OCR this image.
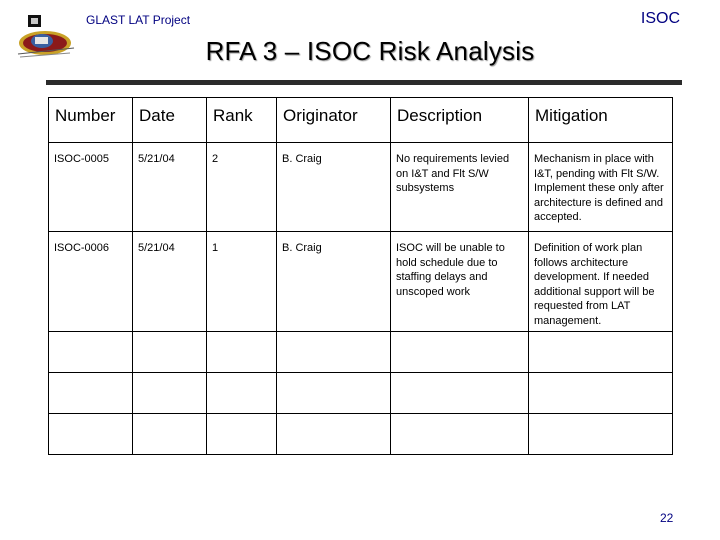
GLAST LAT Project	ISOC
RFA 3 – ISOC Risk Analysis
Number	Date	Rank	Originator	Description	Mitigation
ISOC-0005	5/21/04	2	B. Craig	No requirements levied on I&T and Flt S/W subsystems	Mechanism in place with I&T, pending with Flt S/W. Implement these only after architecture is defined and accepted.
ISOC-0006	5/21/04	1	B. Craig	ISOC will be unable to hold schedule due to staffing delays and unscoped work	Definition of work plan follows architecture development. If needed additional support will be requested from LAT management.

22
